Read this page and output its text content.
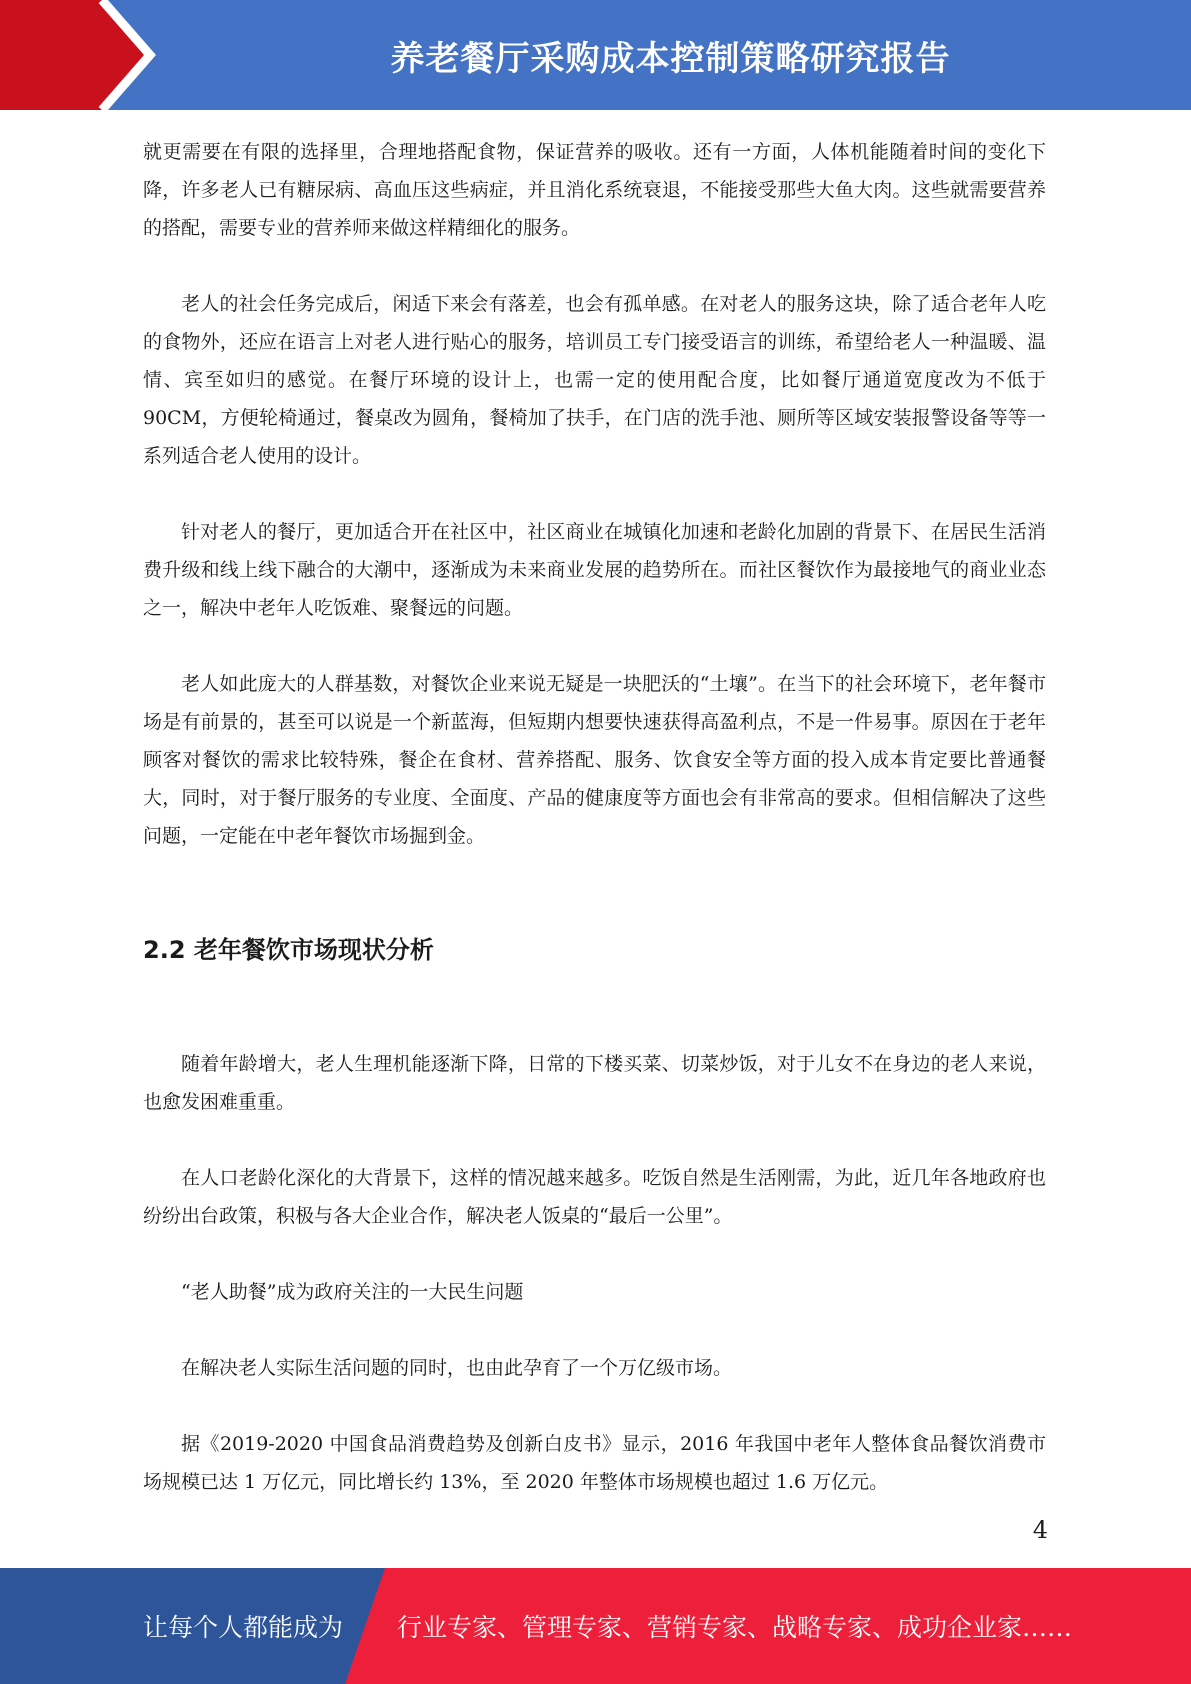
养老餐厅采购成本控制策略研究报告

就更需要在有限的选择里，合理地搭配食物，保证营养的吸收。还有一方面，人体机能随着时间的变化下降，许多老人已有糖尿病、高血压这些病症，并且消化系统衰退，不能接受那些大鱼大肉。这些就需要营养的搭配，需要专业的营养师来做这样精细化的服务。

老人的社会任务完成后，闲适下来会有落差，也会有孤单感。在对老人的服务这块，除了适合老年人吃的食物外，还应在语言上对老人进行贴心的服务，培训员工专门接受语言的训练，希望给老人一种温暖、温情、宾至如归的感觉。在餐厅环境的设计上，也需一定的使用配合度，比如餐厅通道宽度改为不低于 90CM，方便轮椅通过，餐桌改为圆角，餐椅加了扶手，在门店的洗手池、厕所等区域安装报警设备等等一系列适合老人使用的设计。

针对老人的餐厅，更加适合开在社区中，社区商业在城镇化加速和老龄化加剧的背景下、在居民生活消费升级和线上线下融合的大潮中，逐渐成为未来商业发展的趋势所在。而社区餐饮作为最接地气的商业业态之一，解决中老年人吃饭难、聚餐远的问题。

老人如此庞大的人群基数，对餐饮企业来说无疑是一块肥沃的“土壤”。在当下的社会环境下，老年餐市场是有前景的，甚至可以说是一个新蓝海，但短期内想要快速获得高盈利点，不是一件易事。原因在于老年顾客对餐饮的需求比较特殊，餐企在食材、营养搭配、服务、饮食安全等方面的投入成本肯定要比普通餐大，同时，对于餐厅服务的专业度、全面度、产品的健康度等方面也会有非常高的要求。但相信解决了这些问题，一定能在中老年餐饮市场掘到金。

2.2 老年餐饮市场现状分析

随着年龄增大，老人生理机能逐渐下降，日常的下楼买菜、切菜炒饭，对于儿女不在身边的老人来说，也愈发困难重重。

在人口老龄化深化的大背景下，这样的情况越来越多。吃饭自然是生活刚需，为此，近几年各地政府也纷纷出台政策，积极与各大企业合作，解决老人饭桌的“最后一公里”。

“老人助餐”成为政府关注的一大民生问题

在解决老人实际生活问题的同时，也由此孕育了一个万亿级市场。

据《2019-2020 中国食品消费趋势及创新白皮书》显示，2016 年我国中老年人整体食品餐饮消费市场规模已达 1 万亿元，同比增长约 13%，至 2020 年整体市场规模也超过 1.6 万亿元。

4
让每个人都能成为 行业专家、管理专家、营销专家、战略专家、成功企业家……
